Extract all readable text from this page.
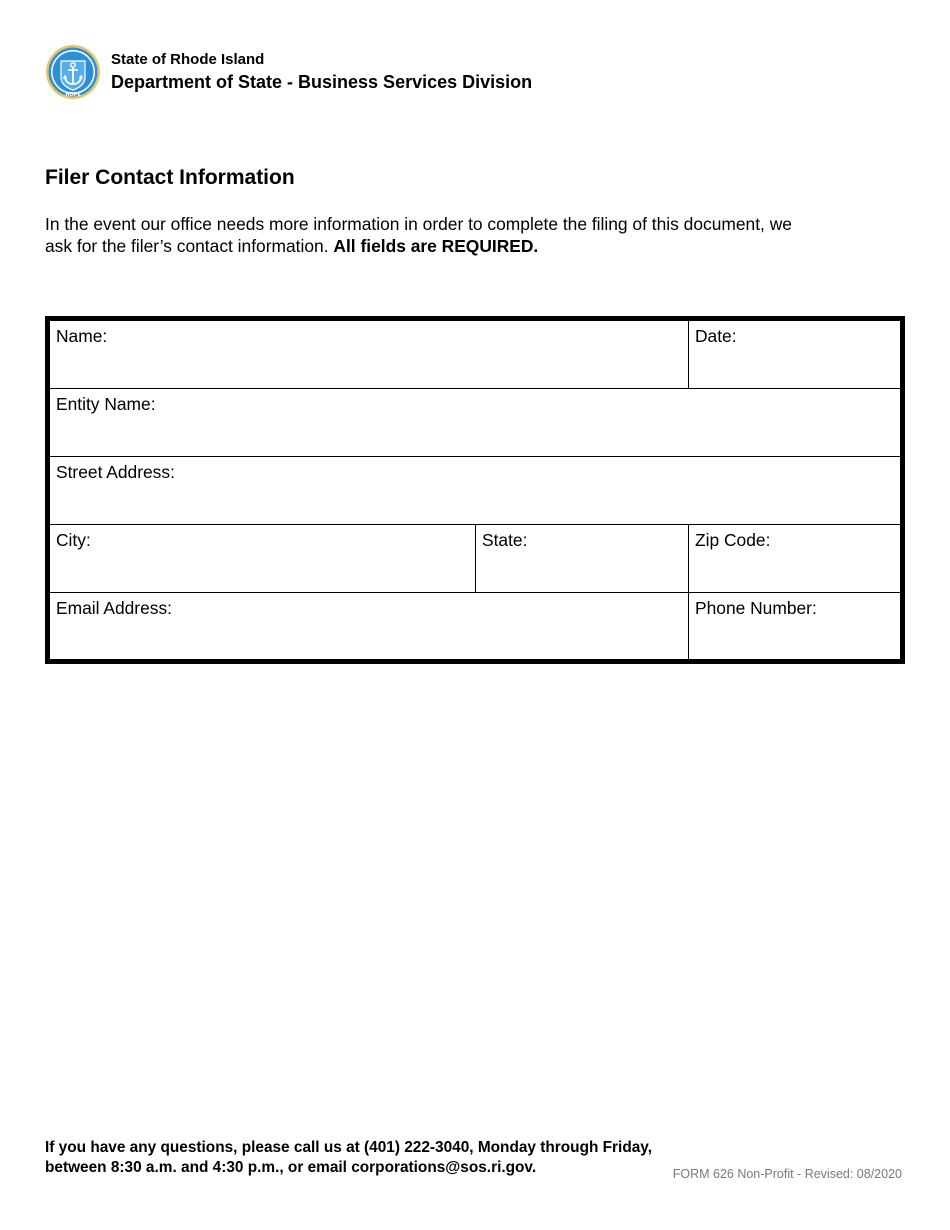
HOPE
State of Rhode Island
Department of State - Business Services Division
Filer Contact Information

In the event our office needs more information in order to complete the filing of this document, we ask for the filer’s contact information. All fields are REQUIRED.

Name:	Date:
Entity Name:
Street Address:
City:	State:	Zip Code:
Email Address:	Phone Number:

If you have any questions, please call us at (401) 222-3040, Monday through Friday,
between 8:30 a.m. and 4:30 p.m., or email corporations@sos.ri.gov.	FORM 626 Non-Profit - Revised: 08/2020
